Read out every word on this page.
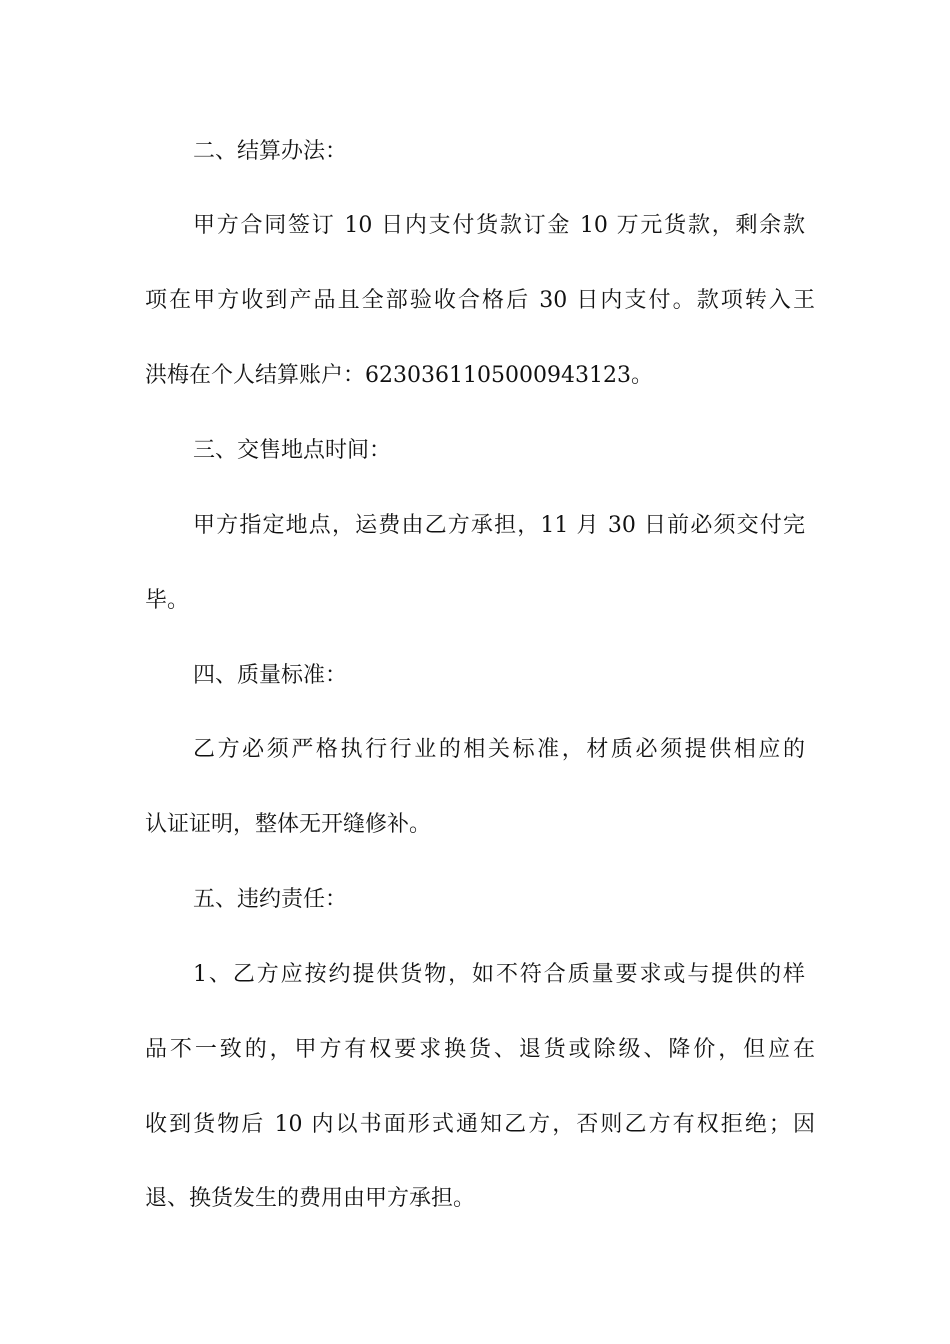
二、结算办法：
甲方合同签订 10 日内支付货款订金 10 万元货款，剩余款
项在甲方收到产品且全部验收合格后 30 日内支付。款项转入王
洪梅在个人结算账户：6230361105000943123。
三、交售地点时间：
甲方指定地点，运费由乙方承担，11 月 30 日前必须交付完
毕。
四、质量标准：
乙方必须严格执行行业的相关标准，材质必须提供相应的
认证证明，整体无开缝修补。
五、违约责任：
1、乙方应按约提供货物，如不符合质量要求或与提供的样
品不一致的，甲方有权要求换货、退货或除级、降价，但应在
收到货物后 10 内以书面形式通知乙方，否则乙方有权拒绝；因
退、换货发生的费用由甲方承担。
